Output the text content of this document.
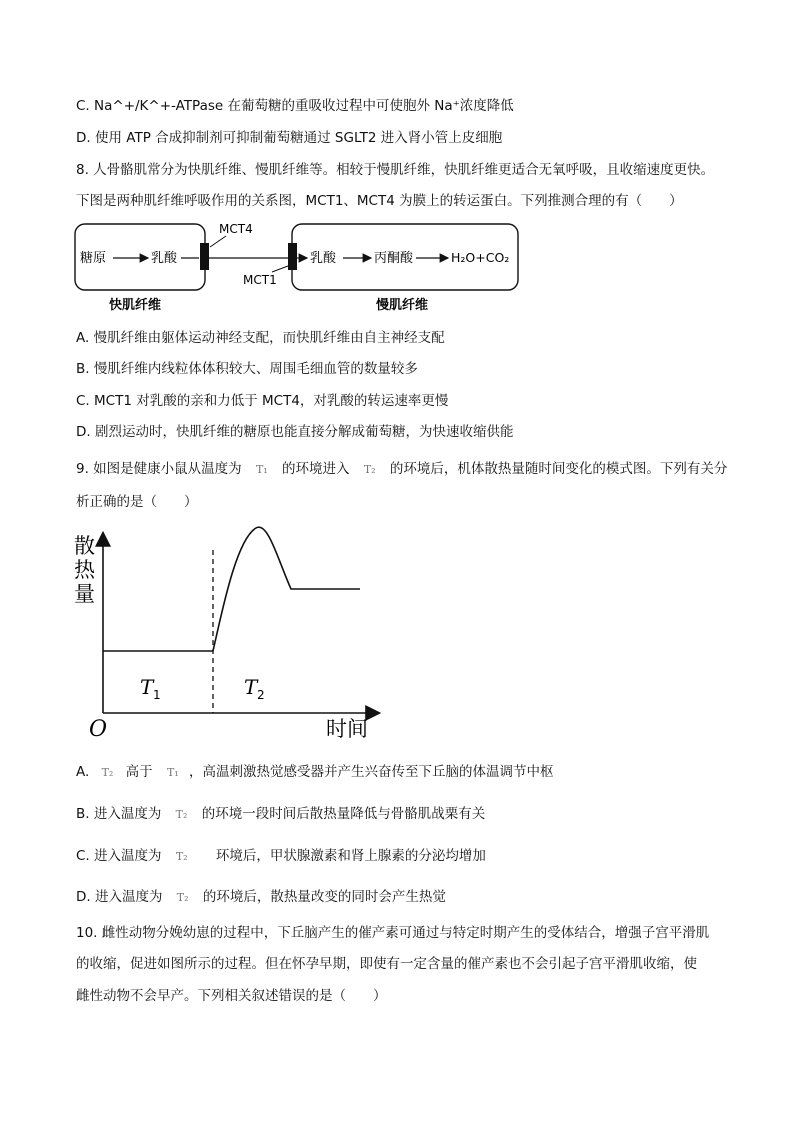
C. Na^+/K^+-ATPase 在葡萄糖的重吸收过程中可使胞外 Na⁺浓度降低
D. 使用 ATP 合成抑制剂可抑制葡萄糖通过 SGLT2 进入肾小管上皮细胞
8. 人骨骼肌常分为快肌纤维、慢肌纤维等。相较于慢肌纤维，快肌纤维更适合无氧呼吸，且收缩速度更快。
下图是两种肌纤维呼吸作用的关系图，MCT1、MCT4 为膜上的转运蛋白。下列推测合理的有（　　）
糖原	乳酸
MCT4
MCT1
乳酸	丙酮酸	H₂O+CO₂
快肌纤维	慢肌纤维
A. 慢肌纤维由躯体运动神经支配，而快肌纤维由自主神经支配
B. 慢肌纤维内线粒体体积较大、周围毛细血管的数量较多
C. MCT1 对乳酸的亲和力低于 MCT4，对乳酸的转运速率更慢
D. 剧烈运动时，快肌纤维的糖原也能直接分解成葡萄糖，为快速收缩供能
9. 如图是健康小鼠从温度为 T₁ 的环境进入 T₂ 的环境后，机体散热量随时间变化的模式图。下列有关分
析正确的是（　　）
散
热
量
时间
O
T 1	T 2
A. T₂ 高于 T₁ ，高温刺激热觉感受器并产生兴奋传至下丘脑的体温调节中枢
B. 进入温度为 T₂ 的环境一段时间后散热量降低与骨骼肌战栗有关
C. 进入温度为 T₂ 环境后，甲状腺激素和肾上腺素的分泌均增加
D. 进入温度为 T₂ 的环境后，散热量改变的同时会产生热觉
10. 雌性动物分娩幼崽的过程中，下丘脑产生的催产素可通过与特定时期产生的受体结合，增强子宫平滑肌
的收缩，促进如图所示的过程。但在怀孕早期，即使有一定含量的催产素也不会引起子宫平滑肌收缩，使
雌性动物不会早产。下列相关叙述错误的是（　　）
